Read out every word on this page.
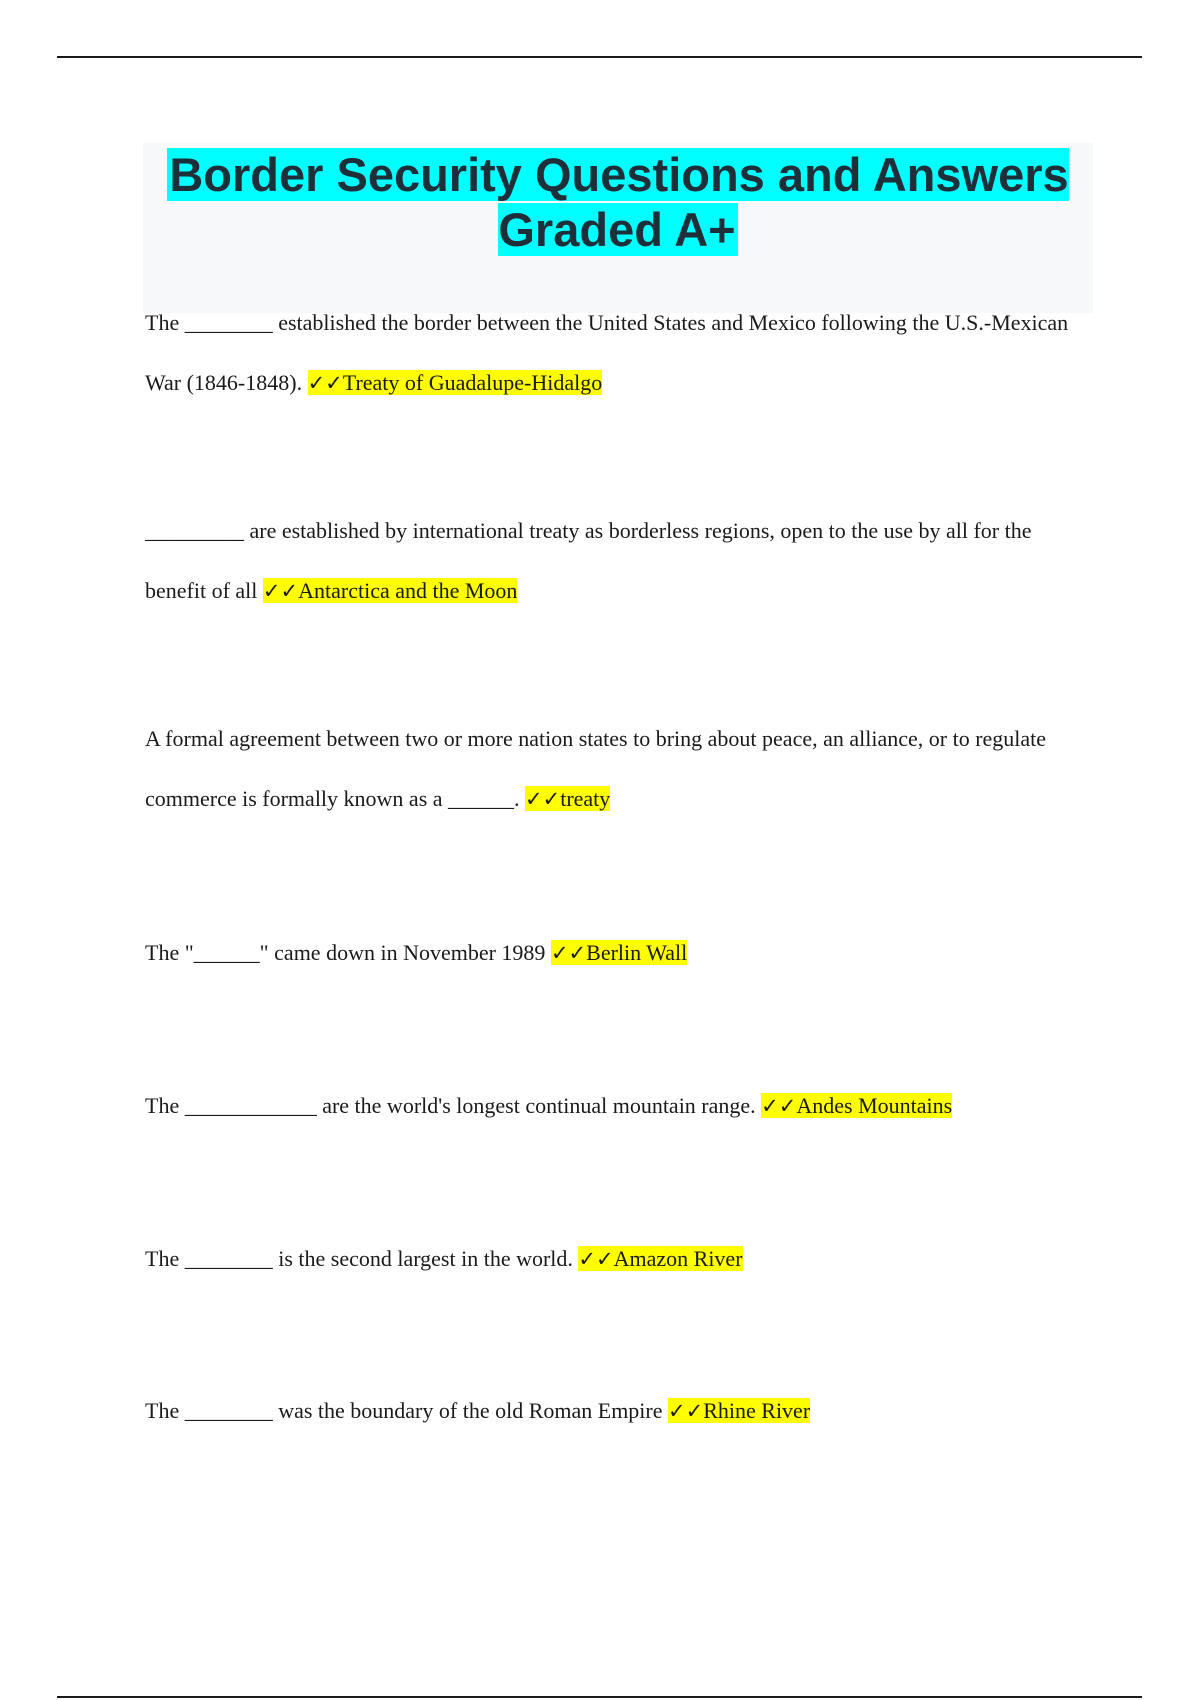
Border Security Questions and Answers Graded A+

The ________ established the border between the United States and Mexico following the U.S.-Mexican War (1846-1848). ✓✓Treaty of Guadalupe-Hidalgo

_________ are established by international treaty as borderless regions, open to the use by all for the benefit of all ✓✓Antarctica and the Moon

A formal agreement between two or more nation states to bring about peace, an alliance, or to regulate commerce is formally known as a ______. ✓✓treaty

The "______" came down in November 1989 ✓✓Berlin Wall

The ____________ are the world's longest continual mountain range. ✓✓Andes Mountains

The ________ is the second largest in the world. ✓✓Amazon River

The ________ was the boundary of the old Roman Empire ✓✓Rhine River
